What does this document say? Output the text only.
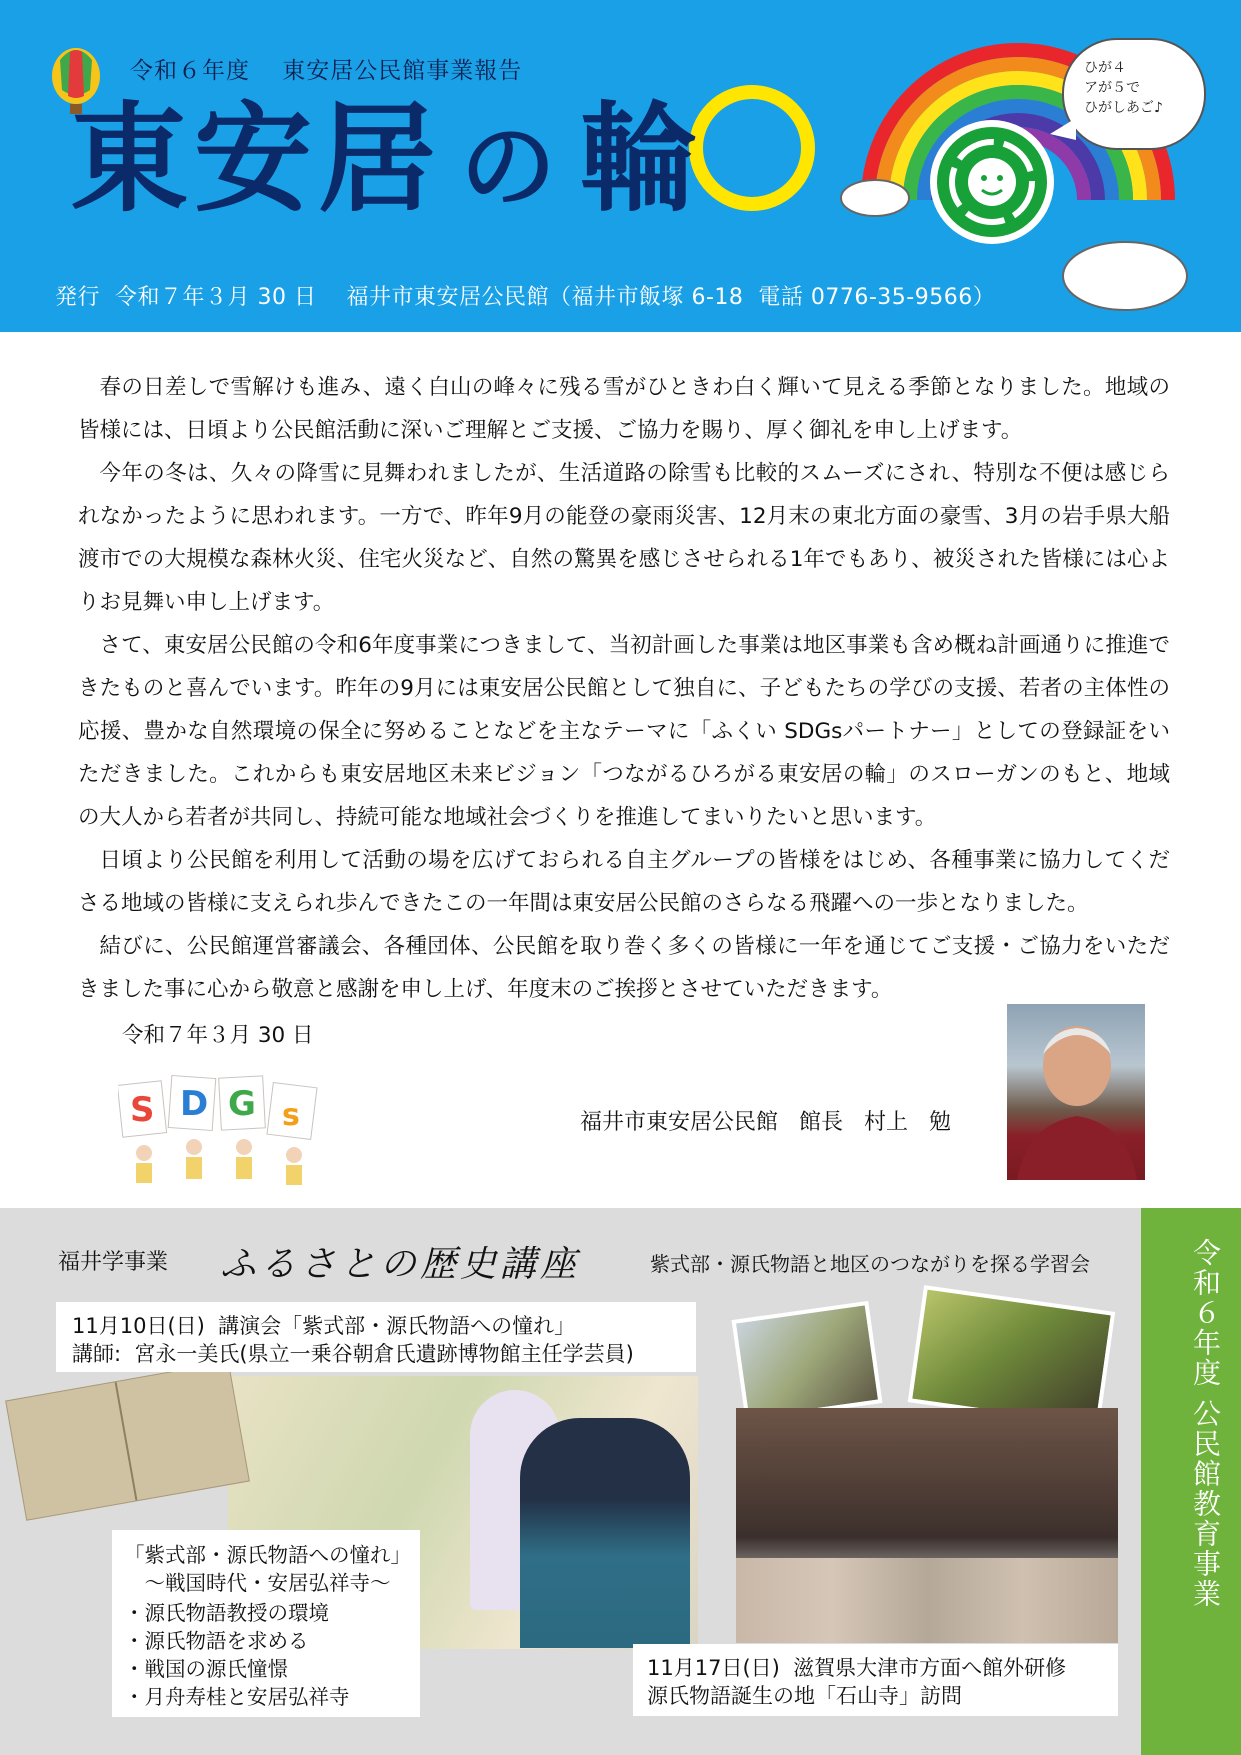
令和６年度　 東安居公民館事業報告
東安居 の 輪
発行  令和７年３月 30 日　 福井市東安居公民館（福井市飯塚 6-18  電話 0776-35-9566）
ひが４
アが５で
ひがしあご♪

春の日差しで雪解けも進み、遠く白山の峰々に残る雪がひときわ白く輝いて見える季節となりました。地域の皆様には、日頃より公民館活動に深いご理解とご支援、ご協力を賜り、厚く御礼を申し上げます。

今年の冬は、久々の降雪に見舞われましたが、生活道路の除雪も比較的スムーズにされ、特別な不便は感じられなかったように思われます。一方で、昨年9月の能登の豪雨災害、12月末の東北方面の豪雪、3月の岩手県大船渡市での大規模な森林火災、住宅火災など、自然の驚異を感じさせられる1年でもあり、被災された皆様には心よりお見舞い申し上げます。

さて、東安居公民館の令和6年度事業につきまして、当初計画した事業は地区事業も含め概ね計画通りに推進できたものと喜んでいます。昨年の9月には東安居公民館として独自に、子どもたちの学びの支援、若者の主体性の応援、豊かな自然環境の保全に努めることなどを主なテーマに「ふくい SDGsパートナー」としての登録証をいただきました。これからも東安居地区未来ビジョン「つながるひろがる東安居の輪」のスローガンのもと、地域の大人から若者が共同し、持続可能な地域社会づくりを推進してまいりたいと思います。

日頃より公民館を利用して活動の場を広げておられる自主グループの皆様をはじめ、各種事業に協力してくださる地域の皆様に支えられ歩んできたこの一年間は東安居公民館のさらなる飛躍への一歩となりました。

結びに、公民館運営審議会、各種団体、公民館を取り巻く多くの皆様に一年を通じてご支援・ご協力をいただきました事に心から敬意と感謝を申し上げ、年度末のご挨拶とさせていただきます。

令和７年３月 30 日
S D G s	福井市東安居公民館   館長   村上   勉
令和６年度 公民館教育事業
福井学事業 ふるさとの歴史講座	紫式部・源氏物語と地区のつながりを探る学習会
11月10日(日)  講演会「紫式部・源氏物語への憧れ」
講師:  宮永一美氏(県立一乗谷朝倉氏遺跡博物館主任学芸員)
「紫式部・源氏物語への憧れ」
　～戦国時代・安居弘祥寺～
・源氏物語教授の環境
・源氏物語を求める
・戦国の源氏憧憬
・月舟寿桂と安居弘祥寺
11月17日(日)  滋賀県大津市方面へ館外研修
源氏物語誕生の地「石山寺」訪問
